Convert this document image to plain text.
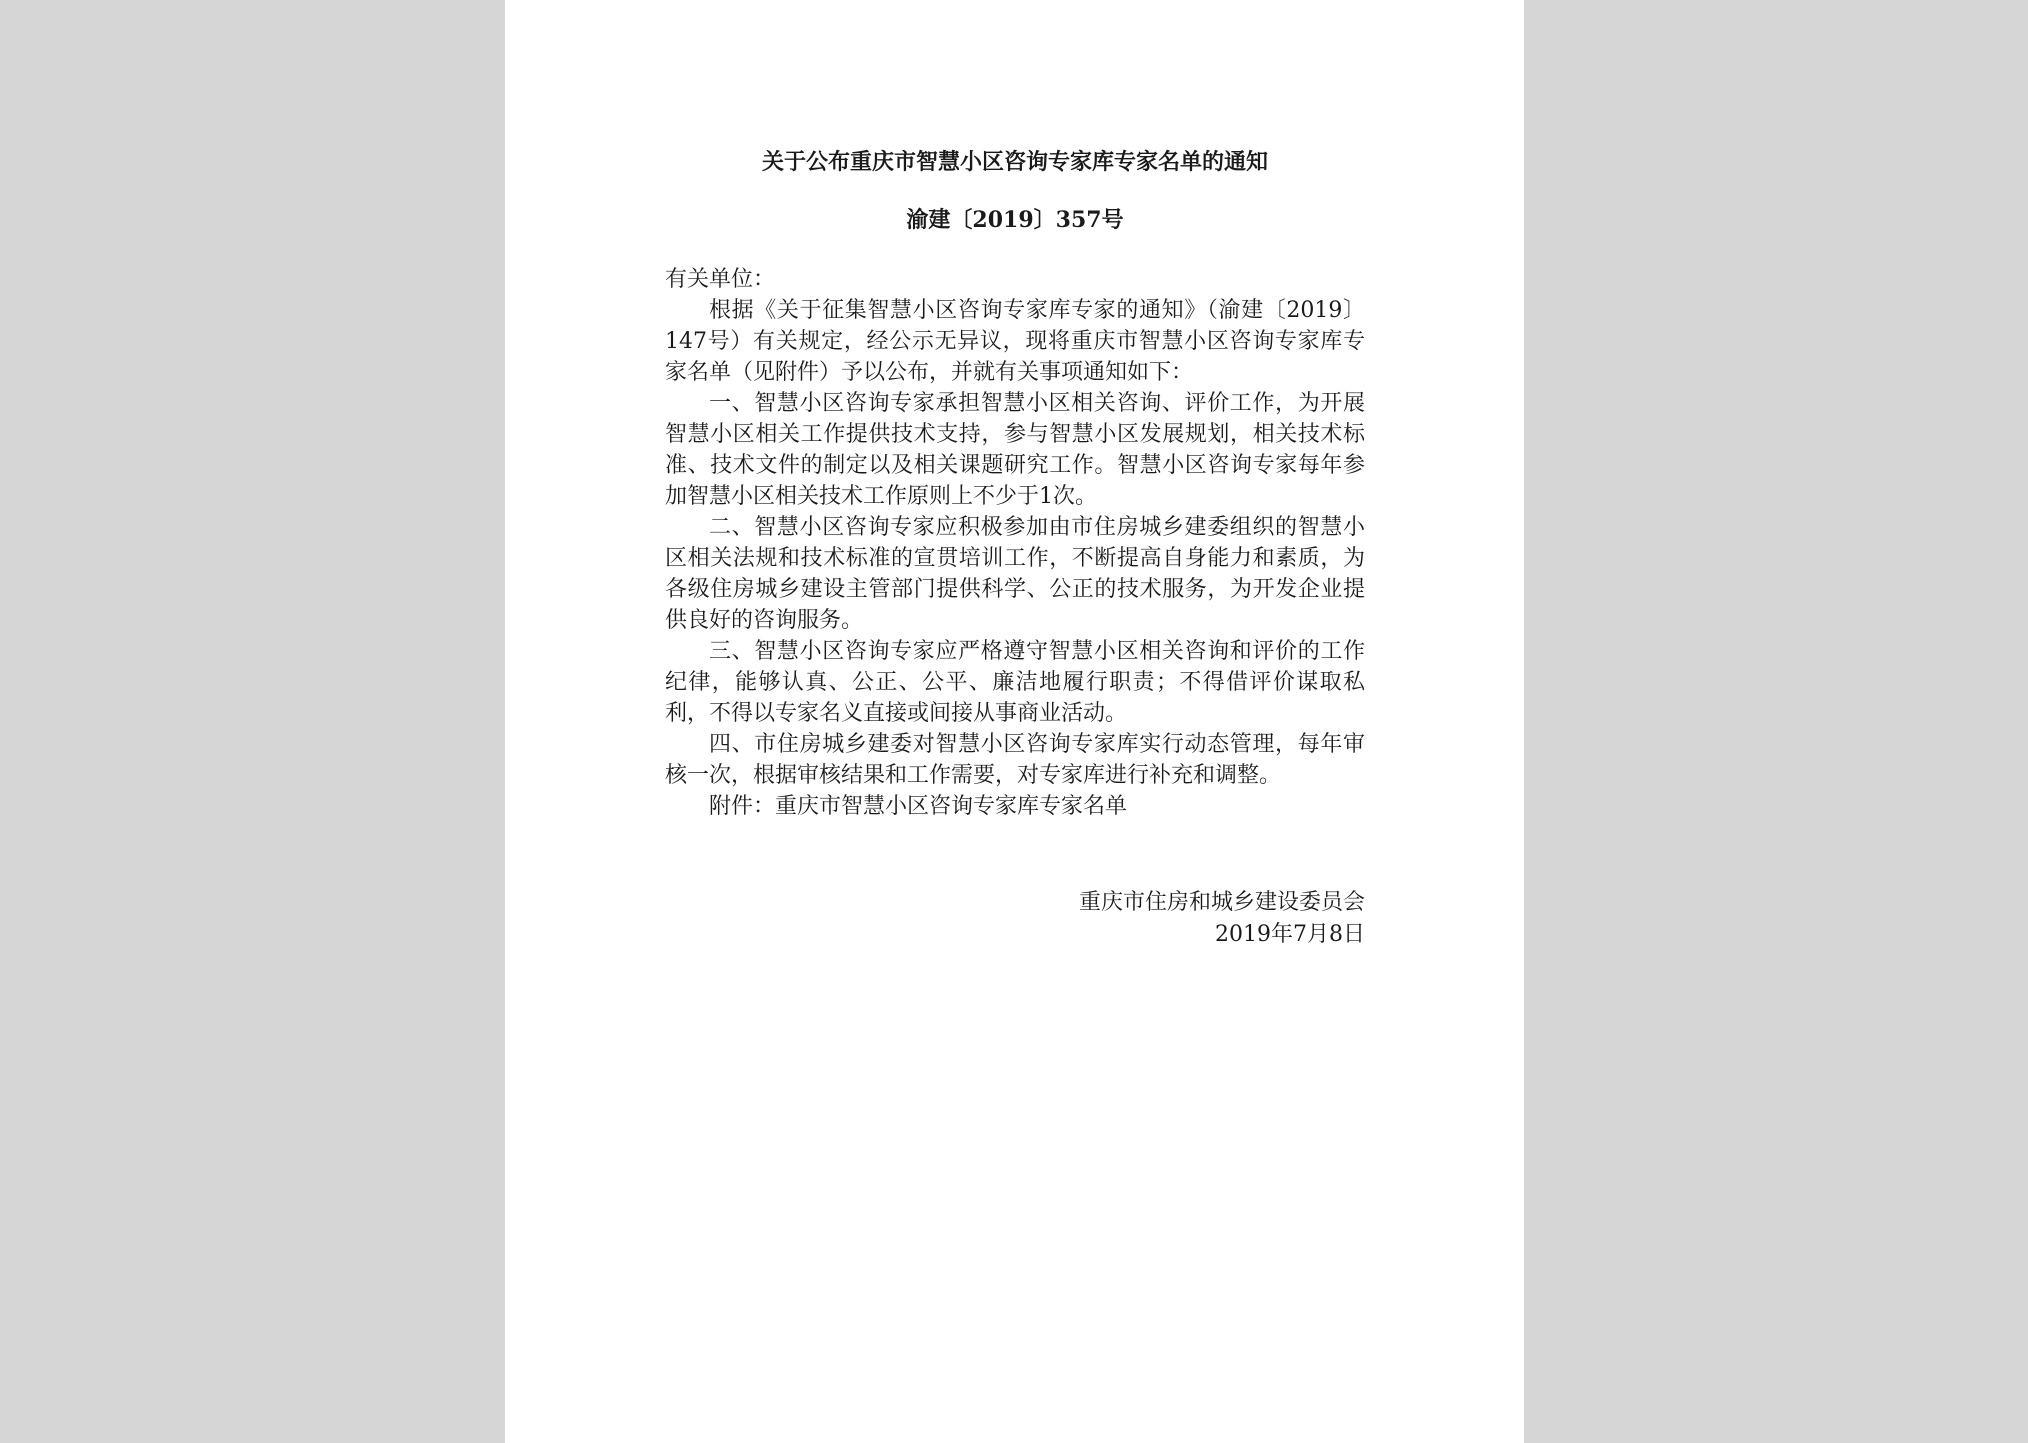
关于公布重庆市智慧小区咨询专家库专家名单的通知
渝建〔2019〕357号

有关单位：

根据《关于征集智慧小区咨询专家库专家的通知》（渝建〔2019〕147号）有关规定，经公示无异议，现将重庆市智慧小区咨询专家库专家名单（见附件）予以公布，并就有关事项通知如下：

一、智慧小区咨询专家承担智慧小区相关咨询、评价工作，为开展智慧小区相关工作提供技术支持，参与智慧小区发展规划，相关技术标准、技术文件的制定以及相关课题研究工作。智慧小区咨询专家每年参加智慧小区相关技术工作原则上不少于1次。

二、智慧小区咨询专家应积极参加由市住房城乡建委组织的智慧小区相关法规和技术标准的宣贯培训工作，不断提高自身能力和素质，为各级住房城乡建设主管部门提供科学、公正的技术服务，为开发企业提供良好的咨询服务。

三、智慧小区咨询专家应严格遵守智慧小区相关咨询和评价的工作纪律，能够认真、公正、公平、廉洁地履行职责；不得借评价谋取私利，不得以专家名义直接或间接从事商业活动。

四、市住房城乡建委对智慧小区咨询专家库实行动态管理，每年审核一次，根据审核结果和工作需要，对专家库进行补充和调整。

附件：重庆市智慧小区咨询专家库专家名单

重庆市住房和城乡建设委员会
2019年7月8日
